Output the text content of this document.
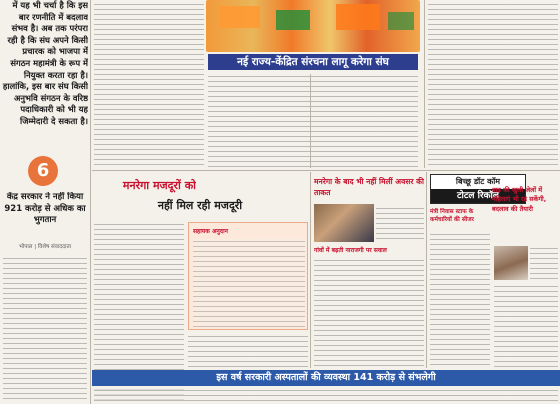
में यह भी चर्चा है कि इस बार रणनीति में बदलाव संभव है। अब तक परंपरा रही है कि संघ अपने किसी प्रचारक को भाजपा में संगठन महामंत्री के रूप में नियुक्त करता रहा है। हालांकि, इस बार संघ किसी अनुभवि संगठन के वरिष्ठ पदाधिकारी को भी यह जिम्मेदारी दे सकता है।
6
केंद्र सरकार ने नहीं किया 921 करोड़ से अधिक का भुगतान
भोपाल | विशेष संवाददाता
नई राज्य-केंद्रित संरचना लागू करेगा संघ
मनरेगा मजदूरों को
नहीं मिल रही मजदूरी
सहायक अनुदान
मनरेगा के बाद भी नहीं मिलीं अवसर की ताकत
गांवों में बढ़ती नाराजगी पर सवाल
बिच्छू डॉट कॉम
टोटल रिकॉल
बाढ़ की खुली जेलों में महिलाएं भी रह सकेंगी, बदलाव की तैयारी
मंत्री निवास स्टाफ के कर्मचारियों की सीजर
इस वर्ष सरकारी अस्पतालों की व्यवस्था 141 करोड़ से संभलेगी
